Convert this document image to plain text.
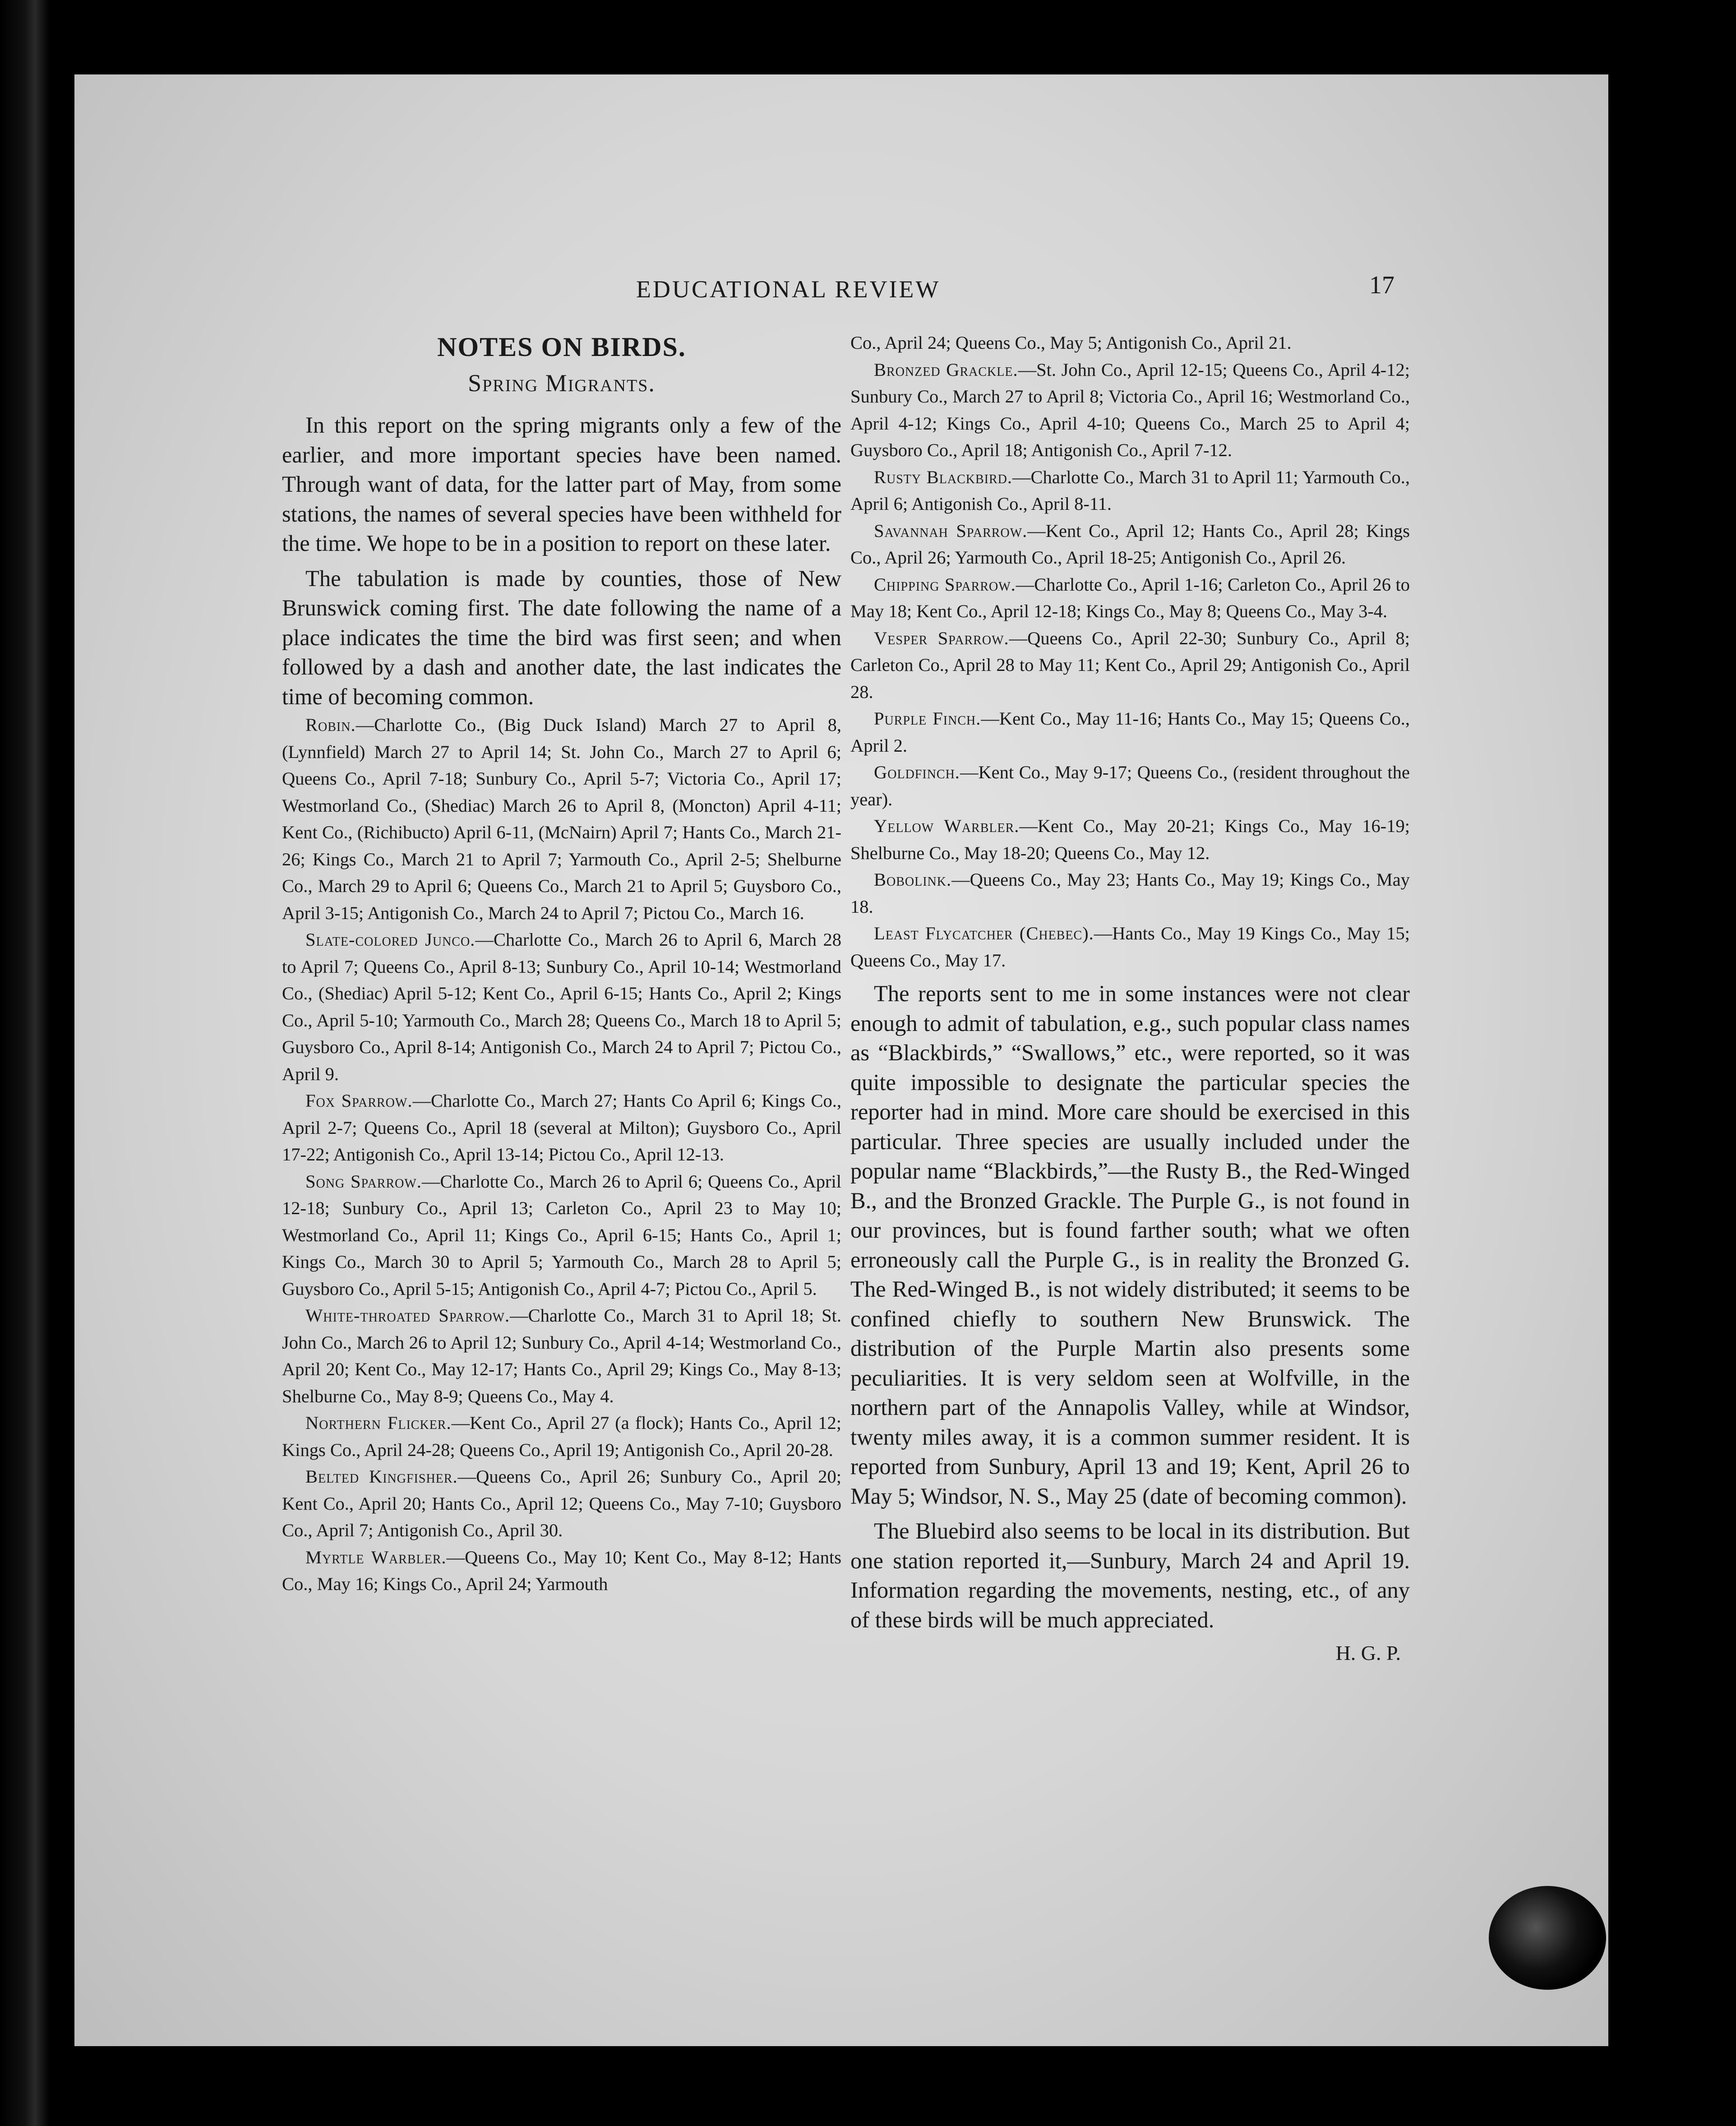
EDUCATIONAL REVIEW	17
NOTES ON BIRDS.
Spring Migrants.

In this report on the spring migrants only a few of the earlier, and more important species have been named. Through want of data, for the latter part of May, from some stations, the names of several species have been withheld for the time. We hope to be in a position to report on these later.

The tabulation is made by counties, those of New Brunswick coming first. The date following the name of a place indicates the time the bird was first seen; and when followed by a dash and another date, the last indicates the time of becoming common.

Robin.—Charlotte Co., (Big Duck Island) March 27 to April 8, (Lynnfield) March 27 to April 14; St. John Co., March 27 to April 6; Queens Co., April 7-18; Sunbury Co., April 5-7; Victoria Co., April 17; Westmorland Co., (Shediac) March 26 to April 8, (Moncton) April 4-11; Kent Co., (Richibucto) April 6-11, (McNairn) April 7; Hants Co., March 21-26; Kings Co., March 21 to April 7; Yarmouth Co., April 2-5; Shelburne Co., March 29 to April 6; Queens Co., March 21 to April 5; Guysboro Co., April 3-15; Antigonish Co., March 24 to April 7; Pictou Co., March 16.

Slate-colored Junco.—Charlotte Co., March 26 to April 6, March 28 to April 7; Queens Co., April 8-13; Sunbury Co., April 10-14; Westmorland Co., (Shediac) April 5-12; Kent Co., April 6-15; Hants Co., April 2; Kings Co., April 5-10; Yarmouth Co., March 28; Queens Co., March 18 to April 5; Guysboro Co., April 8-14; Antigonish Co., March 24 to April 7; Pictou Co., April 9.

Fox Sparrow.—Charlotte Co., March 27; Hants Co April 6; Kings Co., April 2-7; Queens Co., April 18 (several at Milton); Guysboro Co., April 17-22; Antigonish Co., April 13-14; Pictou Co., April 12-13.

Song Sparrow.—Charlotte Co., March 26 to April 6; Queens Co., April 12-18; Sunbury Co., April 13; Carleton Co., April 23 to May 10; Westmorland Co., April 11; Kings Co., April 6-15; Hants Co., April 1; Kings Co., March 30 to April 5; Yarmouth Co., March 28 to April 5; Guysboro Co., April 5-15; Antigonish Co., April 4-7; Pictou Co., April 5.

White-throated Sparrow.—Charlotte Co., March 31 to April 18; St. John Co., March 26 to April 12; Sunbury Co., April 4-14; Westmorland Co., April 20; Kent Co., May 12-17; Hants Co., April 29; Kings Co., May 8-13; Shelburne Co., May 8-9; Queens Co., May 4.

Northern Flicker.—Kent Co., April 27 (a flock); Hants Co., April 12; Kings Co., April 24-28; Queens Co., April 19; Antigonish Co., April 20-28.

Belted Kingfisher.—Queens Co., April 26; Sunbury Co., April 20; Kent Co., April 20; Hants Co., April 12; Queens Co., May 7-10; Guysboro Co., April 7; Antigonish Co., April 30.

Myrtle Warbler.—Queens Co., May 10; Kent Co., May 8-12; Hants Co., May 16; Kings Co., April 24; Yarmouth

Co., April 24; Queens Co., May 5; Antigonish Co., April 21.

Bronzed Grackle.—St. John Co., April 12-15; Queens Co., April 4-12; Sunbury Co., March 27 to April 8; Victoria Co., April 16; Westmorland Co., April 4-12; Kings Co., April 4-10; Queens Co., March 25 to April 4; Guysboro Co., April 18; Antigonish Co., April 7-12.

Rusty Blackbird.—Charlotte Co., March 31 to April 11; Yarmouth Co., April 6; Antigonish Co., April 8-11.

Savannah Sparrow.—Kent Co., April 12; Hants Co., April 28; Kings Co., April 26; Yarmouth Co., April 18-25; Antigonish Co., April 26.

Chipping Sparrow.—Charlotte Co., April 1-16; Carleton Co., April 26 to May 18; Kent Co., April 12-18; Kings Co., May 8; Queens Co., May 3-4.

Vesper Sparrow.—Queens Co., April 22-30; Sunbury Co., April 8; Carleton Co., April 28 to May 11; Kent Co., April 29; Antigonish Co., April 28.

Purple Finch.—Kent Co., May 11-16; Hants Co., May 15; Queens Co., April 2.

Goldfinch.—Kent Co., May 9-17; Queens Co., (resident throughout the year).

Yellow Warbler.—Kent Co., May 20-21; Kings Co., May 16-19; Shelburne Co., May 18-20; Queens Co., May 12.

Bobolink.—Queens Co., May 23; Hants Co., May 19; Kings Co., May 18.

Least Flycatcher (Chebec).—Hants Co., May 19 Kings Co., May 15; Queens Co., May 17.

The reports sent to me in some instances were not clear enough to admit of tabulation, e.g., such popular class names as “Blackbirds,” “Swallows,” etc., were reported, so it was quite impossible to designate the particular species the reporter had in mind. More care should be exercised in this particular. Three species are usually included under the popular name “Blackbirds,”—the Rusty B., the Red-Winged B., and the Bronzed Grackle. The Purple G., is not found in our provinces, but is found farther south; what we often erroneously call the Purple G., is in reality the Bronzed G. The Red-Winged B., is not widely distributed; it seems to be confined chiefly to southern New Brunswick. The distribution of the Purple Martin also presents some peculiarities. It is very seldom seen at Wolfville, in the northern part of the Annapolis Valley, while at Windsor, twenty miles away, it is a common summer resident. It is reported from Sunbury, April 13 and 19; Kent, April 26 to May 5; Windsor, N. S., May 25 (date of becoming common).

The Bluebird also seems to be local in its distribution. But one station reported it,—Sunbury, March 24 and April 19. Information regarding the movements, nesting, etc., of any of these birds will be much appreciated.

H. G. P.
